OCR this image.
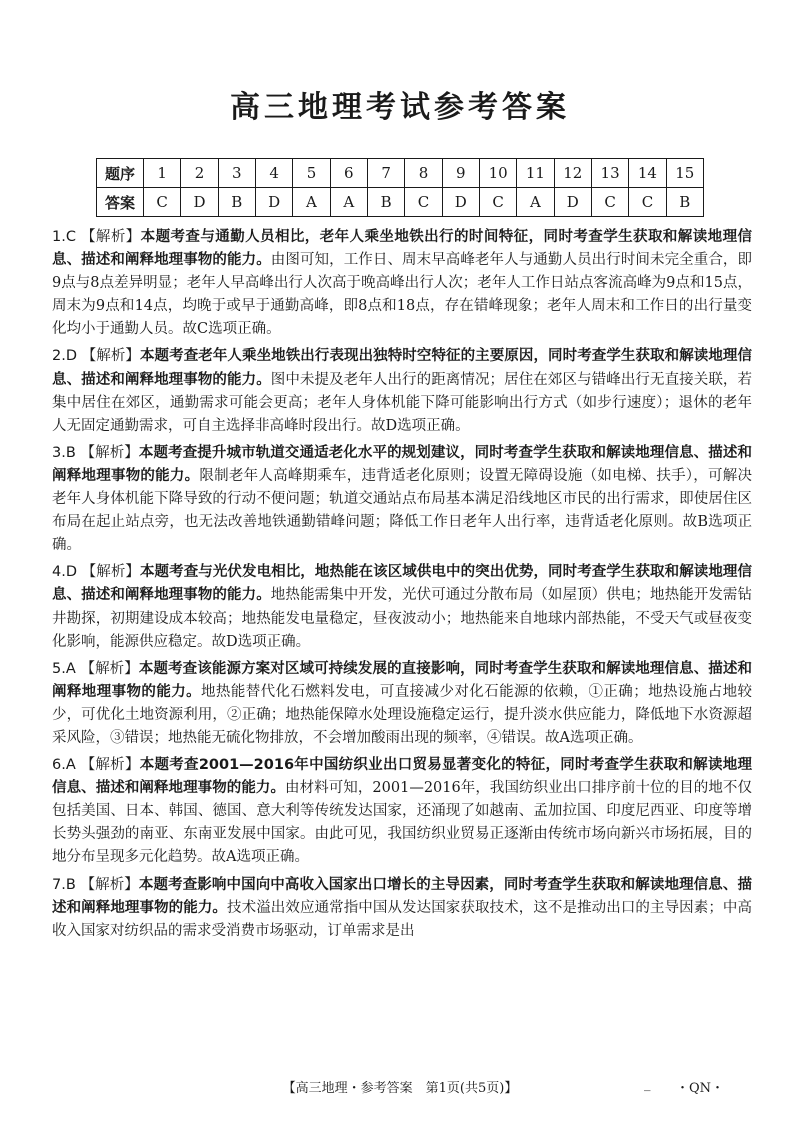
高三地理考试参考答案
题序	1	2	3	4	5	6	7	8	9	10	11	12	13	14	15
答案	C	D	B	D	A	A	B	C	D	C	A	D	C	C	B

1.C 【解析】本题考查与通勤人员相比，老年人乘坐地铁出行的时间特征，同时考查学生获取和解读地理信息、描述和阐释地理事物的能力。由图可知，工作日、周末早高峰老年人与通勤人员出行时间未完全重合，即9点与8点差异明显；老年人早高峰出行人次高于晚高峰出行人次；老年人工作日站点客流高峰为9点和15点，周末为9点和14点，均晚于或早于通勤高峰，即8点和18点，存在错峰现象；老年人周末和工作日的出行量变化均小于通勤人员。故C选项正确。

2.D 【解析】本题考查老年人乘坐地铁出行表现出独特时空特征的主要原因，同时考查学生获取和解读地理信息、描述和阐释地理事物的能力。图中未提及老年人出行的距离情况；居住在郊区与错峰出行无直接关联，若集中居住在郊区，通勤需求可能会更高；老年人身体机能下降可能影响出行方式（如步行速度）；退休的老年人无固定通勤需求，可自主选择非高峰时段出行。故D选项正确。

3.B 【解析】本题考查提升城市轨道交通适老化水平的规划建议，同时考查学生获取和解读地理信息、描述和阐释地理事物的能力。限制老年人高峰期乘车，违背适老化原则；设置无障碍设施（如电梯、扶手），可解决老年人身体机能下降导致的行动不便问题；轨道交通站点布局基本满足沿线地区市民的出行需求，即使居住区布局在起止站点旁，也无法改善地铁通勤错峰问题；降低工作日老年人出行率，违背适老化原则。故B选项正确。

4.D 【解析】本题考查与光伏发电相比，地热能在该区域供电中的突出优势，同时考查学生获取和解读地理信息、描述和阐释地理事物的能力。地热能需集中开发，光伏可通过分散布局（如屋顶）供电；地热能开发需钻井勘探，初期建设成本较高；地热能发电量稳定，昼夜波动小；地热能来自地球内部热能，不受天气或昼夜变化影响，能源供应稳定。故D选项正确。

5.A 【解析】本题考查该能源方案对区域可持续发展的直接影响，同时考查学生获取和解读地理信息、描述和阐释地理事物的能力。地热能替代化石燃料发电，可直接减少对化石能源的依赖，①正确；地热设施占地较少，可优化土地资源利用，②正确；地热能保障水处理设施稳定运行，提升淡水供应能力，降低地下水资源超采风险，③错误；地热能无硫化物排放，不会增加酸雨出现的频率，④错误。故A选项正确。

6.A 【解析】本题考查2001—2016年中国纺织业出口贸易显著变化的特征，同时考查学生获取和解读地理信息、描述和阐释地理事物的能力。由材料可知，2001—2016年，我国纺织业出口排序前十位的目的地不仅包括美国、日本、韩国、德国、意大利等传统发达国家，还涌现了如越南、孟加拉国、印度尼西亚、印度等增长势头强劲的南亚、东南亚发展中国家。由此可见，我国纺织业贸易正逐渐由传统市场向新兴市场拓展，目的地分布呈现多元化趋势。故A选项正确。

7.B 【解析】本题考查影响中国向中高收入国家出口增长的主导因素，同时考查学生获取和解读地理信息、描述和阐释地理事物的能力。技术溢出效应通常指中国从发达国家获取技术，这不是推动出口的主导因素；中高收入国家对纺织品的需求受消费市场驱动，订单需求是出

【高三地理・参考答案　第1页(共5页)】	_ ・QN・
